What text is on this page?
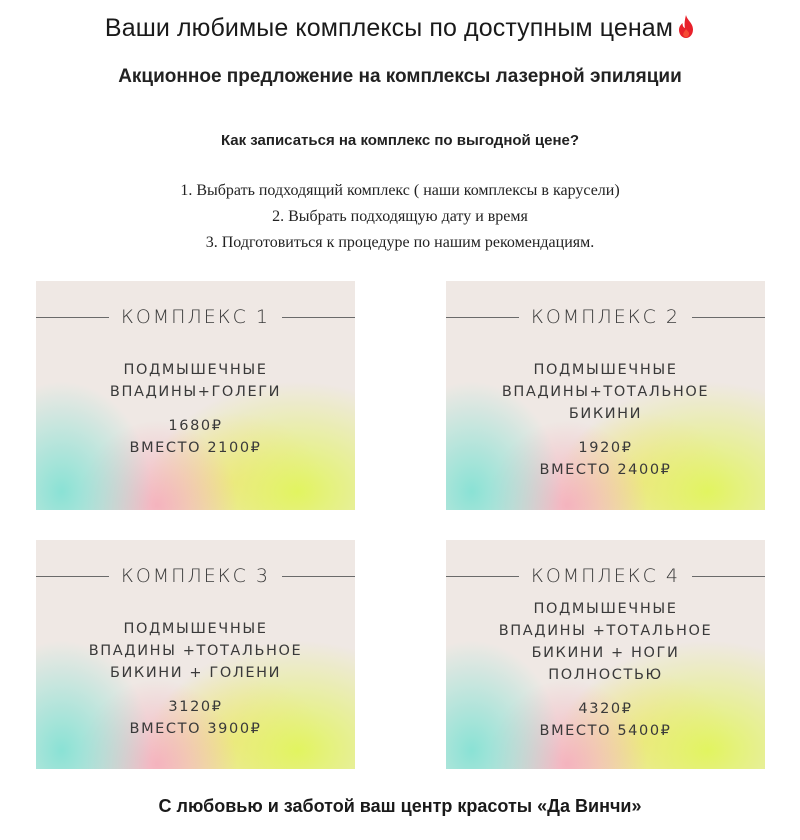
Ваши любимые комплексы по доступным ценам
Акционное предложение на комплексы лазерной эпиляции
Как записаться на комплекс по выгодной цене?
1. Выбрать подходящий комплекс ( наши комплексы в карусели)
2. Выбрать подходящую дату и время
3. Подготовиться к процедуре по нашим рекомендациям.
КОМПЛЕКС 1
ПОДМЫШЕЧНЫЕ
ВПАДИНЫ+ГОЛЕГИ
1680₽
ВМЕСТО 2100₽
КОМПЛЕКС 2
ПОДМЫШЕЧНЫЕ
ВПАДИНЫ+ТОТАЛЬНОЕ
БИКИНИ
1920₽
ВМЕСТО 2400₽
КОМПЛЕКС 3
ПОДМЫШЕЧНЫЕ
ВПАДИНЫ +ТОТАЛЬНОЕ
БИКИНИ + ГОЛЕНИ
3120₽
ВМЕСТО 3900₽
КОМПЛЕКС 4
ПОДМЫШЕЧНЫЕ
ВПАДИНЫ +ТОТАЛЬНОЕ
БИКИНИ + НОГИ
ПОЛНОСТЬЮ
4320₽
ВМЕСТО 5400₽
С любовью и заботой ваш центр красоты «Да Винчи»
